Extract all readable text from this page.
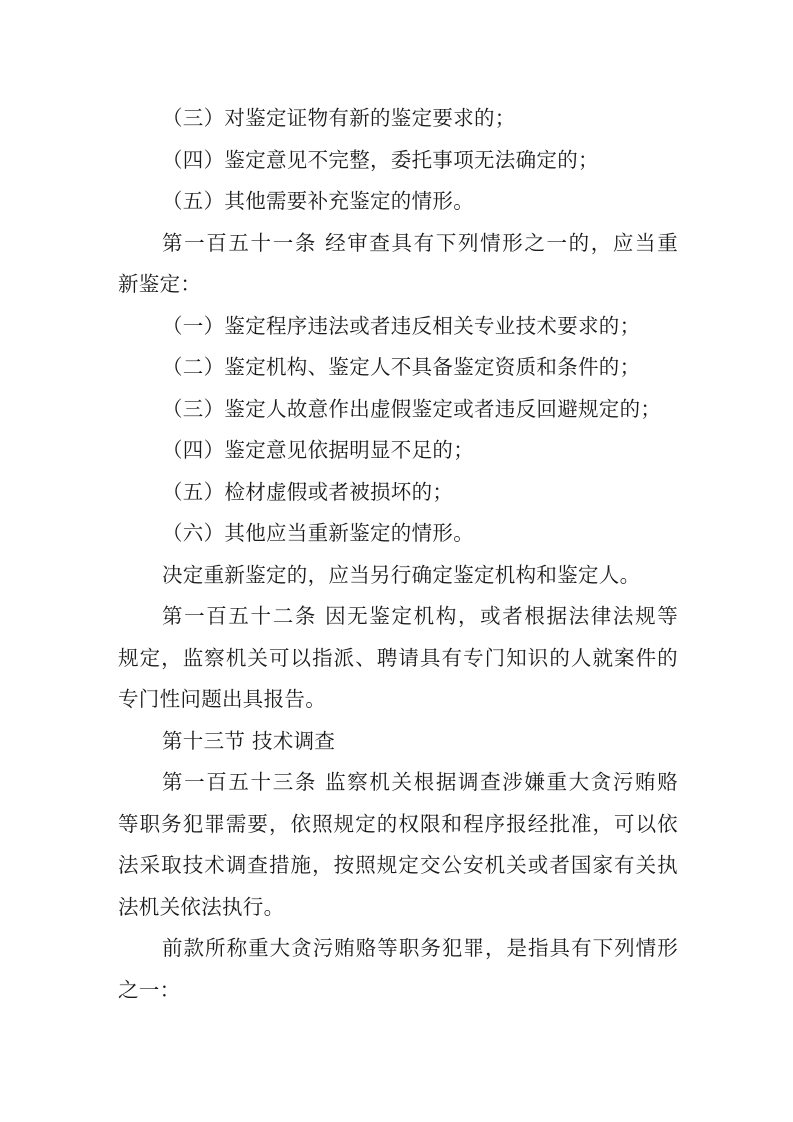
（三）对鉴定证物有新的鉴定要求的；
（四）鉴定意见不完整，委托事项无法确定的；
（五）其他需要补充鉴定的情形。
第一百五十一条 经审查具有下列情形之一的，应当重
新鉴定：
（一）鉴定程序违法或者违反相关专业技术要求的；
（二）鉴定机构、鉴定人不具备鉴定资质和条件的；
（三）鉴定人故意作出虚假鉴定或者违反回避规定的；
（四）鉴定意见依据明显不足的；
（五）检材虚假或者被损坏的；
（六）其他应当重新鉴定的情形。
决定重新鉴定的，应当另行确定鉴定机构和鉴定人。
第一百五十二条 因无鉴定机构，或者根据法律法规等
规定，监察机关可以指派、聘请具有专门知识的人就案件的
专门性问题出具报告。
第十三节 技术调查
第一百五十三条 监察机关根据调查涉嫌重大贪污贿赂
等职务犯罪需要，依照规定的权限和程序报经批准，可以依
法采取技术调查措施，按照规定交公安机关或者国家有关执
法机关依法执行。
前款所称重大贪污贿赂等职务犯罪，是指具有下列情形
之一：
